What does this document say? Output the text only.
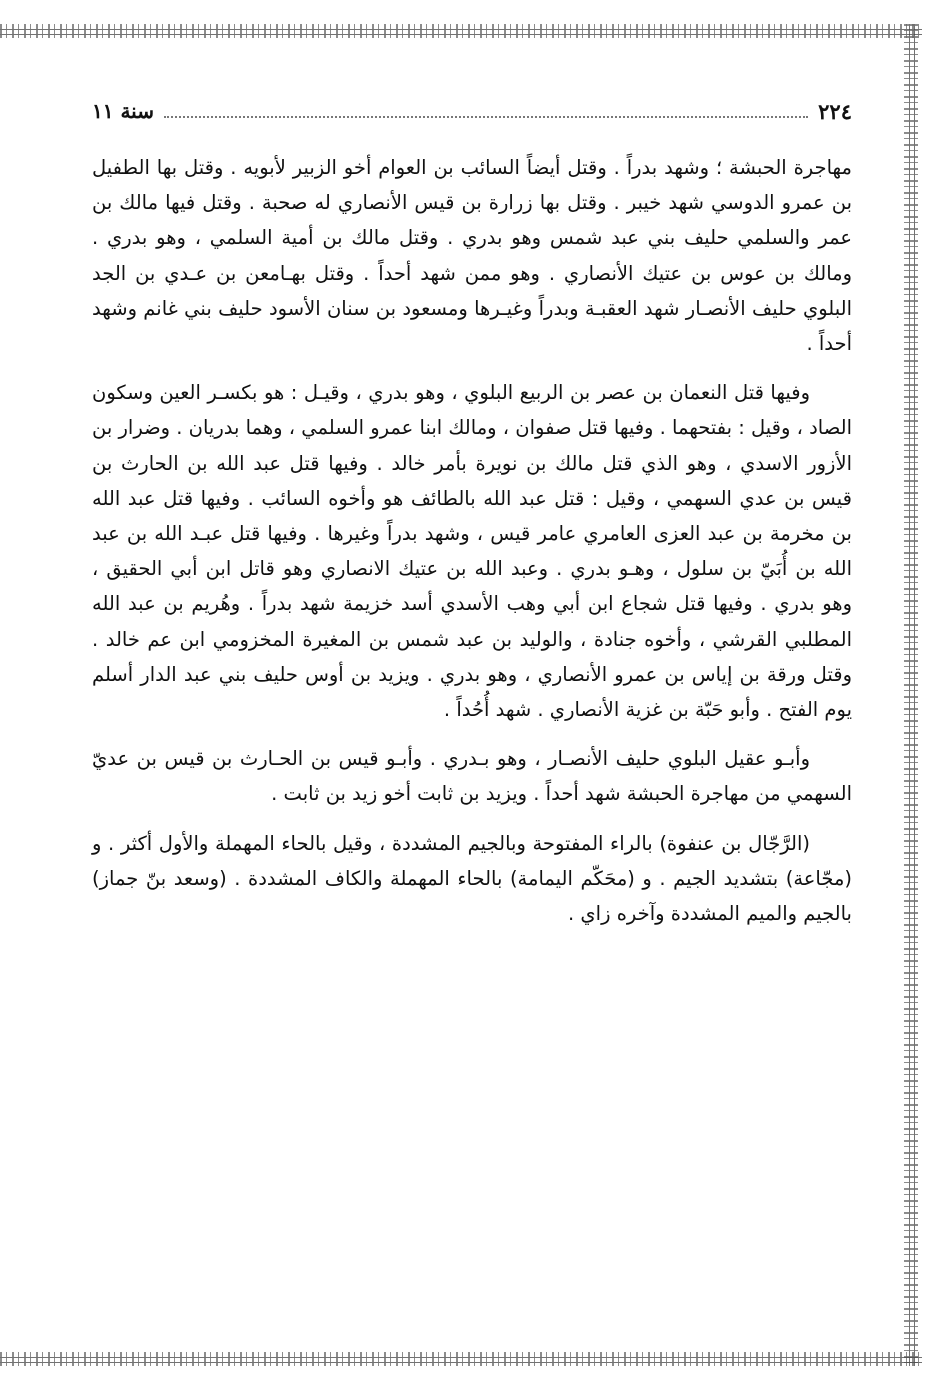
٢٢٤
سنة ١١

مهاجرة الحبشة ؛ وشهد بدراً . وقتل أيضاً السائب بن العوام أخو الزبير لأبويه . وقتل بها الطفيل بن عمرو الدوسي شهد خيبر . وقتل بها زرارة بن قيس الأنصاري له صحبة . وقتل فيها مالك بن عمر والسلمي حليف بني عبد شمس وهو بدري . وقتل مالك بن أمية السلمي ، وهو بدري . ومالك بن عوس بن عتيك الأنصاري . وهو ممن شهد أحداً . وقتل بهـامعن بن عـدي بن الجد البلوي حليف الأنصـار شهد العقبـة وبدراً وغيـرها ومسعود بن سنان الأسود حليف بني غانم وشهد أحداً .

وفيها قتل النعمان بن عصر بن الربيع البلوي ، وهو بدري ، وقيـل : هو بكسـر العين وسكون الصاد ، وقيل : بفتحهما . وفيها قتل صفوان ، ومالك ابنا عمرو السلمي ، وهما بدريان . وضرار بن الأزور الاسدي ، وهو الذي قتل مالك بن نويرة بأمر خالد . وفيها قتل عبد الله بن الحارث بن قيس بن عدي السهمي ، وقيل : قتل عبد الله بالطائف هو وأخوه السائب . وفيها قتل عبد الله بن مخرمة بن عبد العزى العامري عامر قيس ، وشهد بدراً وغيرها . وفيها قتل عبـد الله بن عبد الله بن أُبَيّ بن سلول ، وهـو بدري . وعبد الله بن عتيك الانصاري وهو قاتل ابن أبي الحقيق ، وهو بدري . وفيها قتل شجاع ابن أبي وهب الأسدي أسد خزيمة شهد بدراً . وهُريم بن عبد الله المطلبي القرشي ، وأخوه جنادة ، والوليد بن عبد شمس بن المغيرة المخزومي ابن عم خالد . وقتل ورقة بن إياس بن عمرو الأنصاري ، وهو بدري . ويزيد بن أوس حليف بني عبد الدار أسلم يوم الفتح . وأبو حَبّة بن غزية الأنصاري . شهد أُحُداً .

وأبـو عقيل البلوي حليف الأنصـار ، وهو بـدري . وأبـو قيس بن الحـارث بن قيس بن عديّ السهمي من مهاجرة الحبشة شهد أحداً . ويزيد بن ثابت أخو زيد بن ثابت .

(الرَّجّال بن عنفوة) بالراء المفتوحة وبالجيم المشددة ، وقيل بالحاء المهملة والأول أكثر . و (مجّاعة) بتشديد الجيم . و (محَكّم اليمامة) بالحاء المهملة والكاف المشددة . (وسعد بنّ جماز) بالجيم والميم المشددة وآخره زاي .
